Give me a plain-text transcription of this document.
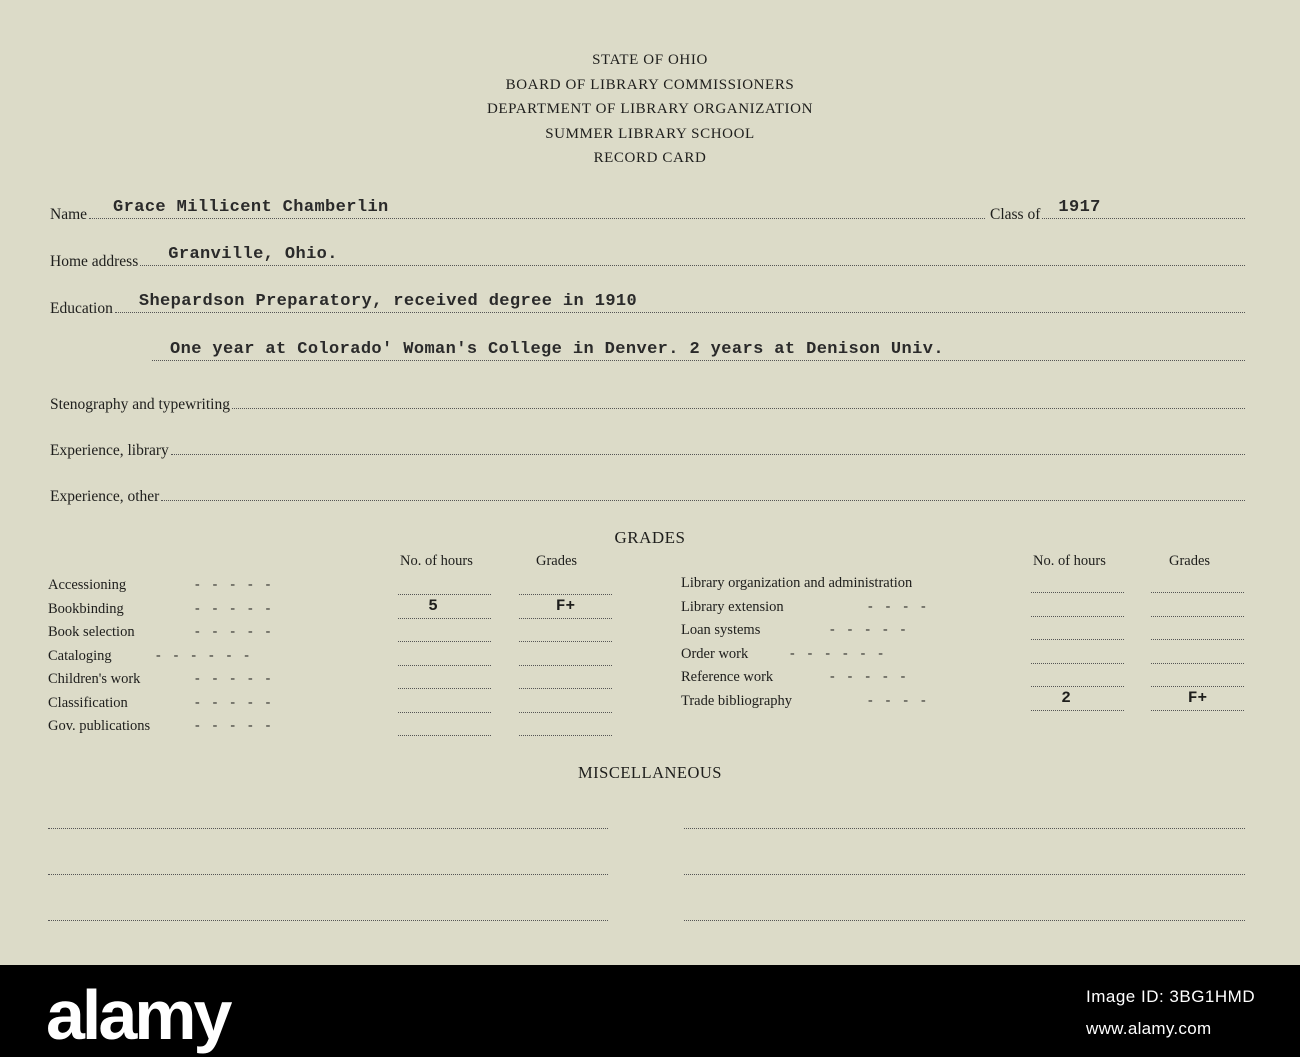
STATE OF OHIO
BOARD OF LIBRARY COMMISSIONERS
DEPARTMENT OF LIBRARY ORGANIZATION
SUMMER LIBRARY SCHOOL
RECORD CARD
Name Grace Millicent Chamberlin	Class of 1917
Home address Granville, Ohio.
Education Shepardson Preparatory, received degree in 1910
One year at Colorado' Woman's College in Denver. 2 years at Denison Univ.
Stenography and typewriting
Experience, library
Experience, other
GRADES
No. of hours	Grades	No. of hours	Grades
Accessioning	-----
Bookbinding	-----	5	F+
Book selection	-----
Cataloging	------
Children's work	-----
Classification	-----
Gov. publications	-----
Library organization and administration
Library extension	----
Loan systems	-----
Order work	------
Reference work	-----
Trade bibliography	----	2	F+
MISCELLANEOUS
alamy	Image ID: 3BG1HMD
www.alamy.com
